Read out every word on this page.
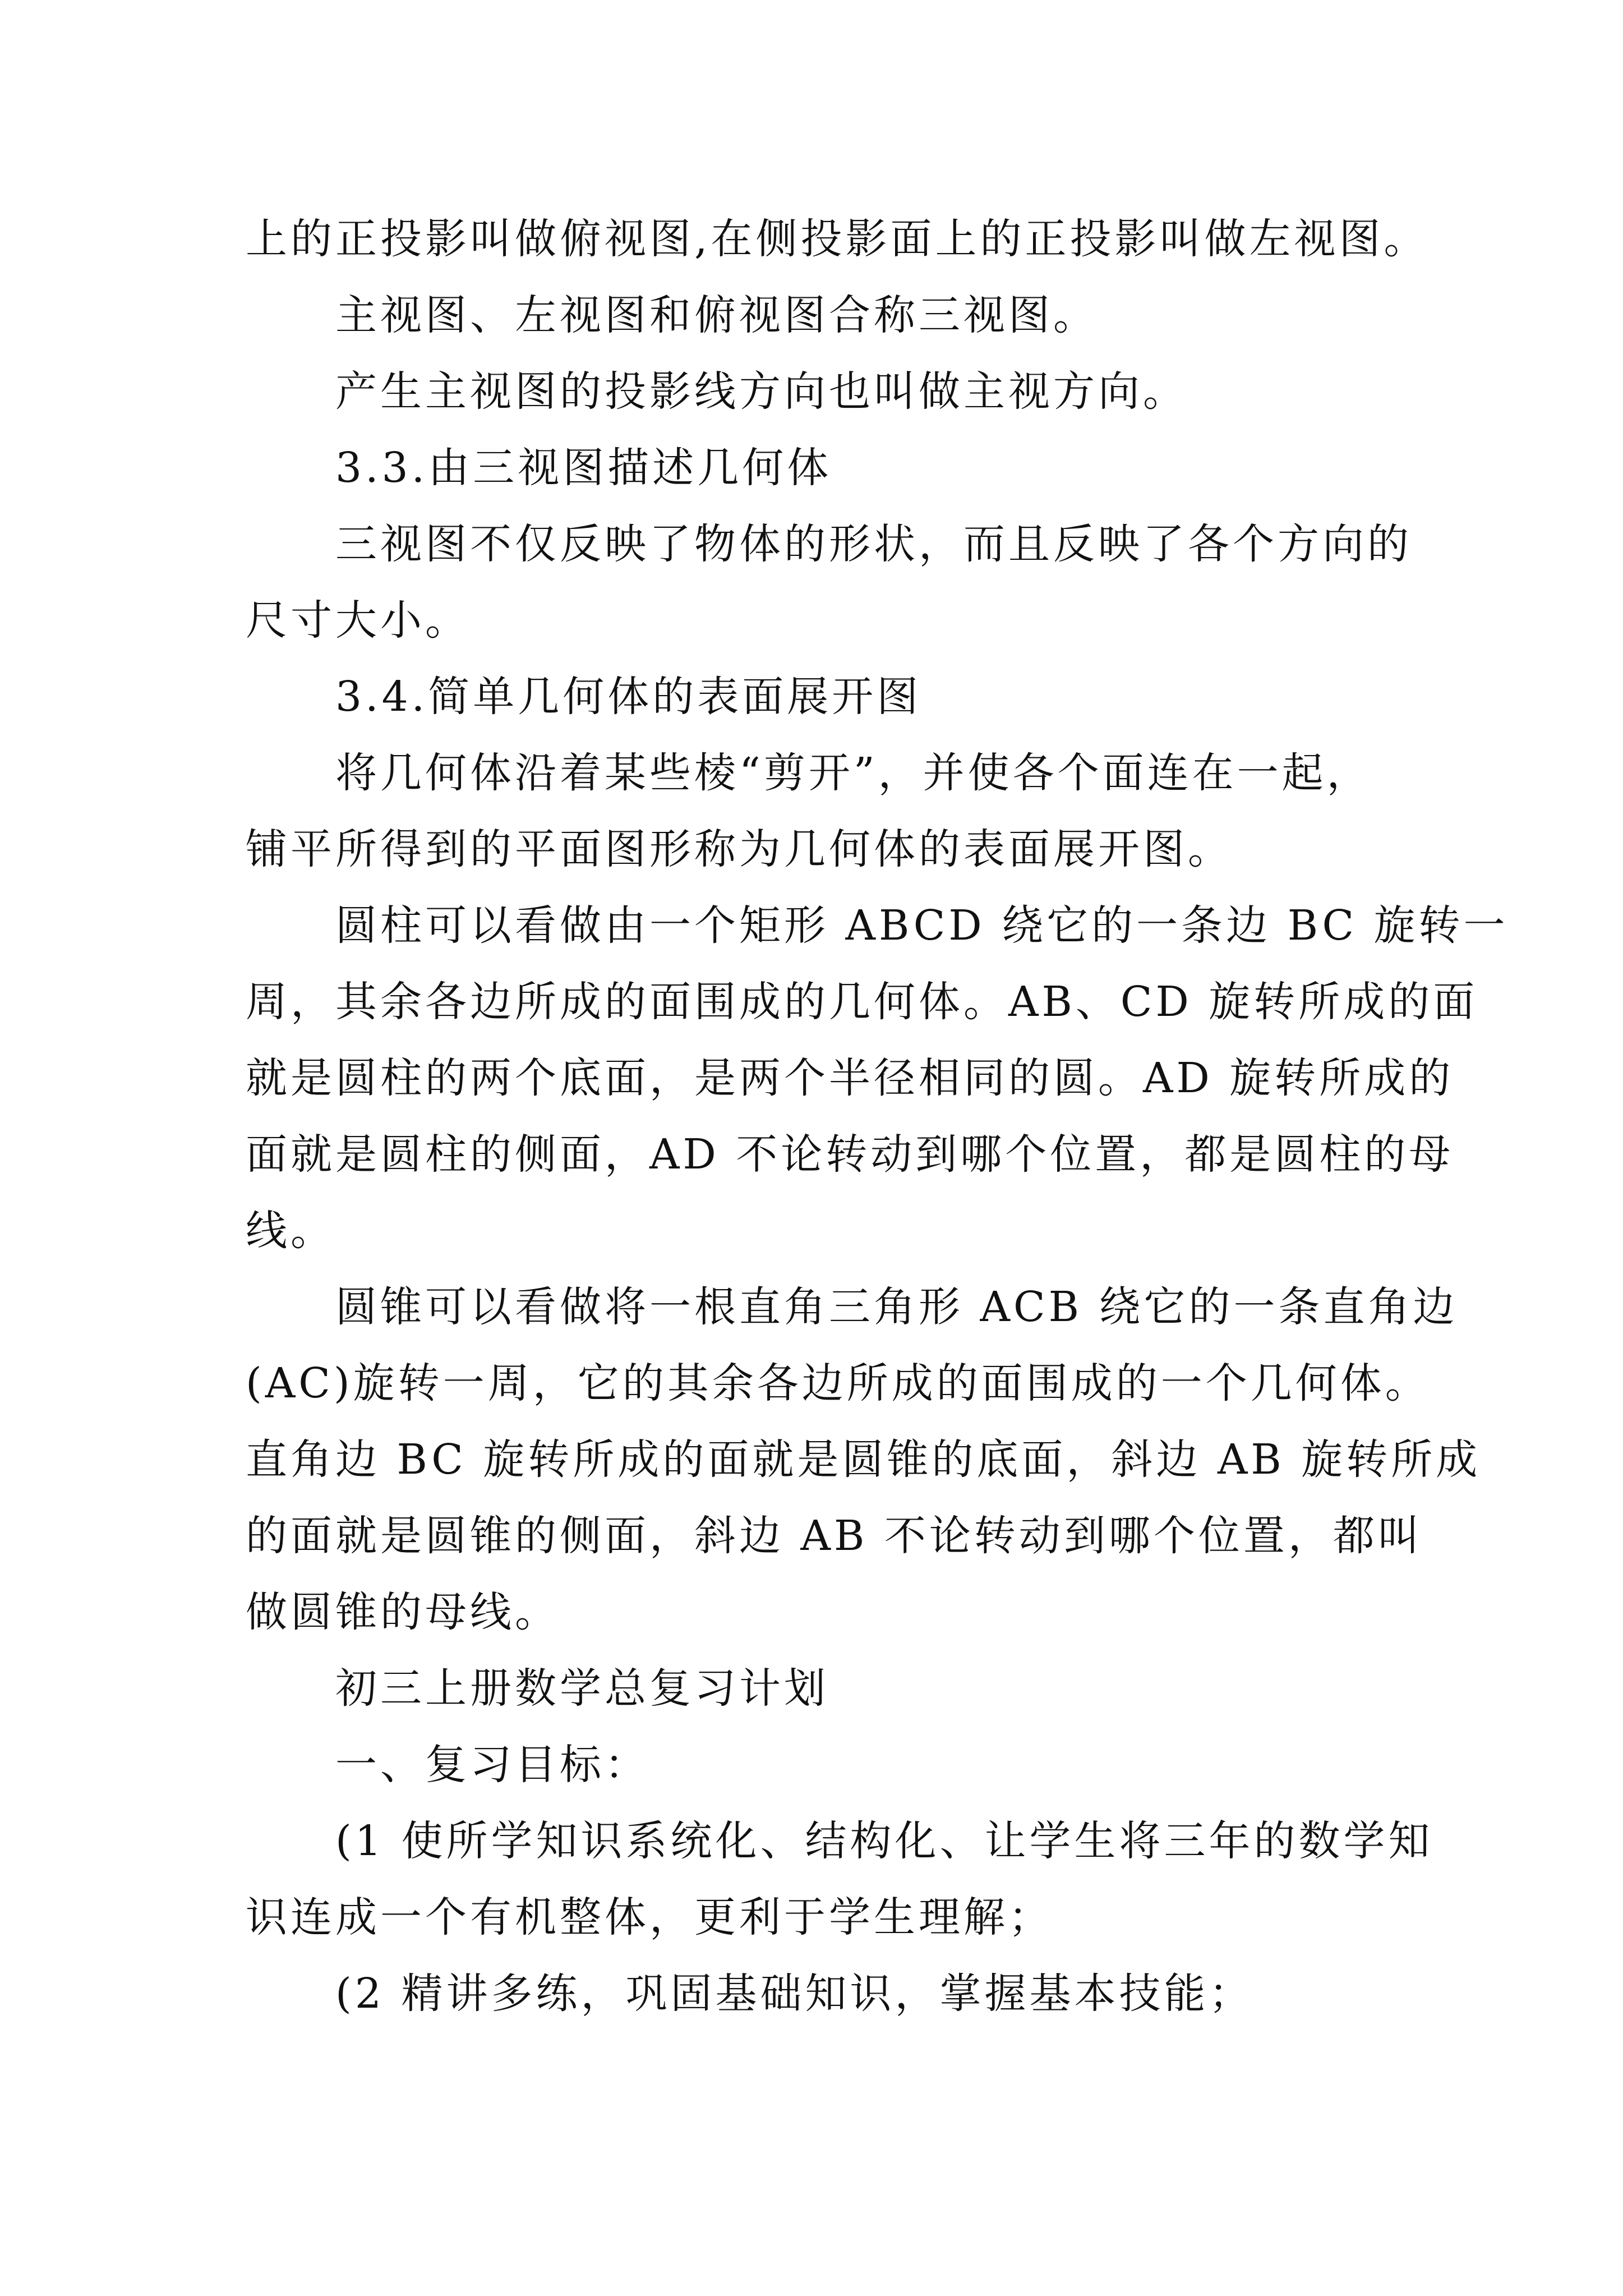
上的正投影叫做俯视图,在侧投影面上的正投影叫做左视图。
主视图、左视图和俯视图合称三视图。
产生主视图的投影线方向也叫做主视方向。
3.3.由三视图描述几何体
三视图不仅反映了物体的形状，而且反映了各个方向的
尺寸大小。
3.4.简单几何体的表面展开图
将几何体沿着某些棱“剪开”，并使各个面连在一起，
铺平所得到的平面图形称为几何体的表面展开图。
圆柱可以看做由一个矩形 ABCD 绕它的一条边 BC 旋转一
周，其余各边所成的面围成的几何体。AB、CD 旋转所成的面
就是圆柱的两个底面，是两个半径相同的圆。AD 旋转所成的
面就是圆柱的侧面，AD 不论转动到哪个位置，都是圆柱的母
线。
圆锥可以看做将一根直角三角形 ACB 绕它的一条直角边
(AC)旋转一周，它的其余各边所成的面围成的一个几何体。
直角边 BC 旋转所成的面就是圆锥的底面，斜边 AB 旋转所成
的面就是圆锥的侧面，斜边 AB 不论转动到哪个位置，都叫
做圆锥的母线。
初三上册数学总复习计划
一、复习目标：
(1 使所学知识系统化、结构化、让学生将三年的数学知
识连成一个有机整体，更利于学生理解；
(2 精讲多练，巩固基础知识，掌握基本技能；
